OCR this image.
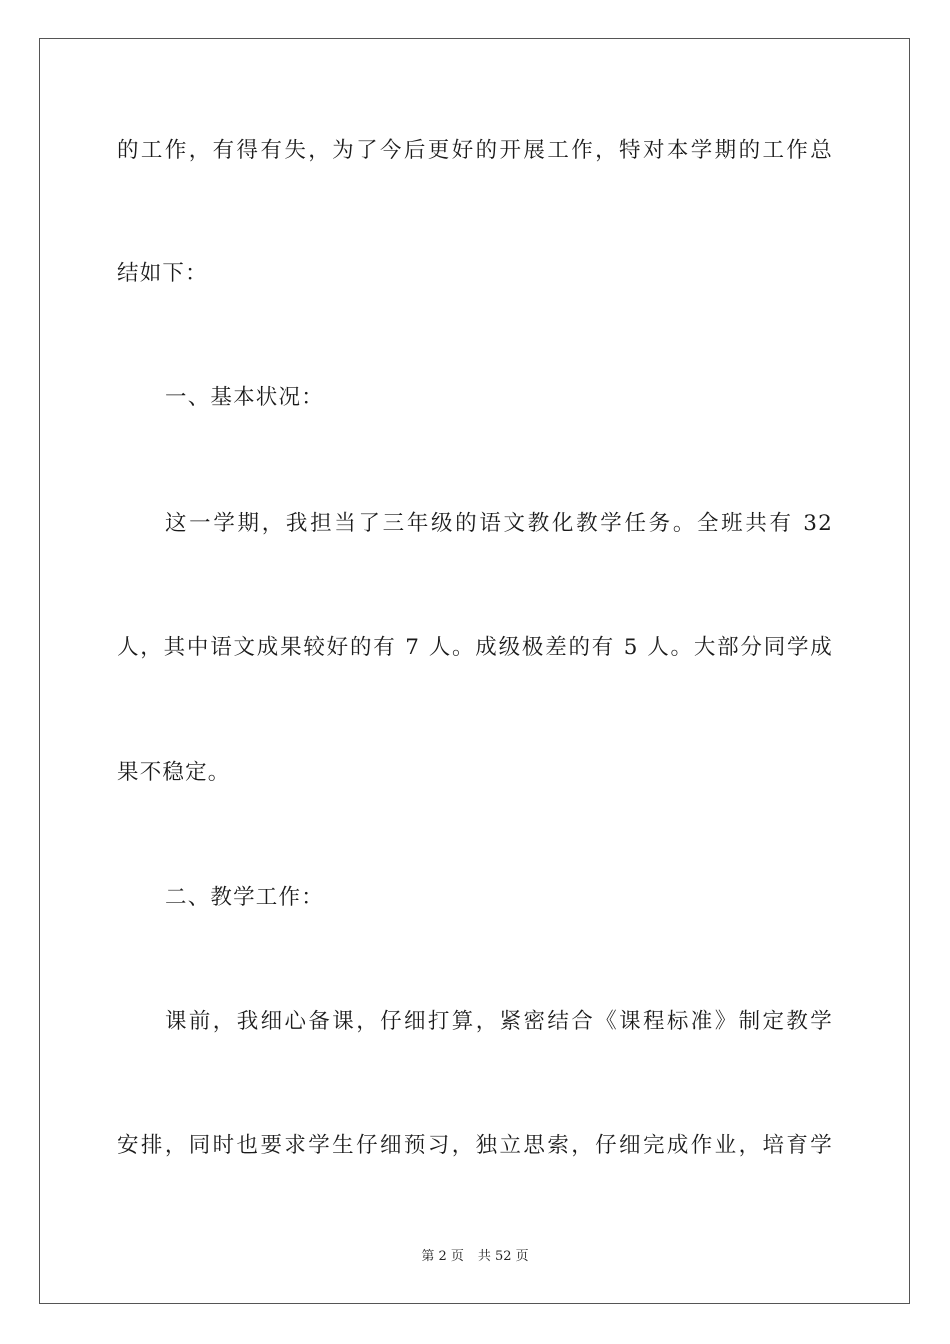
的工作，有得有失，为了今后更好的开展工作，特对本学期的工作总
结如下：
一、基本状况：
这一学期，我担当了三年级的语文教化教学任务。全班共有 32
人，其中语文成果较好的有 7 人。成级极差的有 5 人。大部分同学成
果不稳定。
二、教学工作：
课前，我细心备课，仔细打算，紧密结合《课程标准》制定教学
安排，同时也要求学生仔细预习，独立思索，仔细完成作业，培育学
第 2 页 共 52 页
